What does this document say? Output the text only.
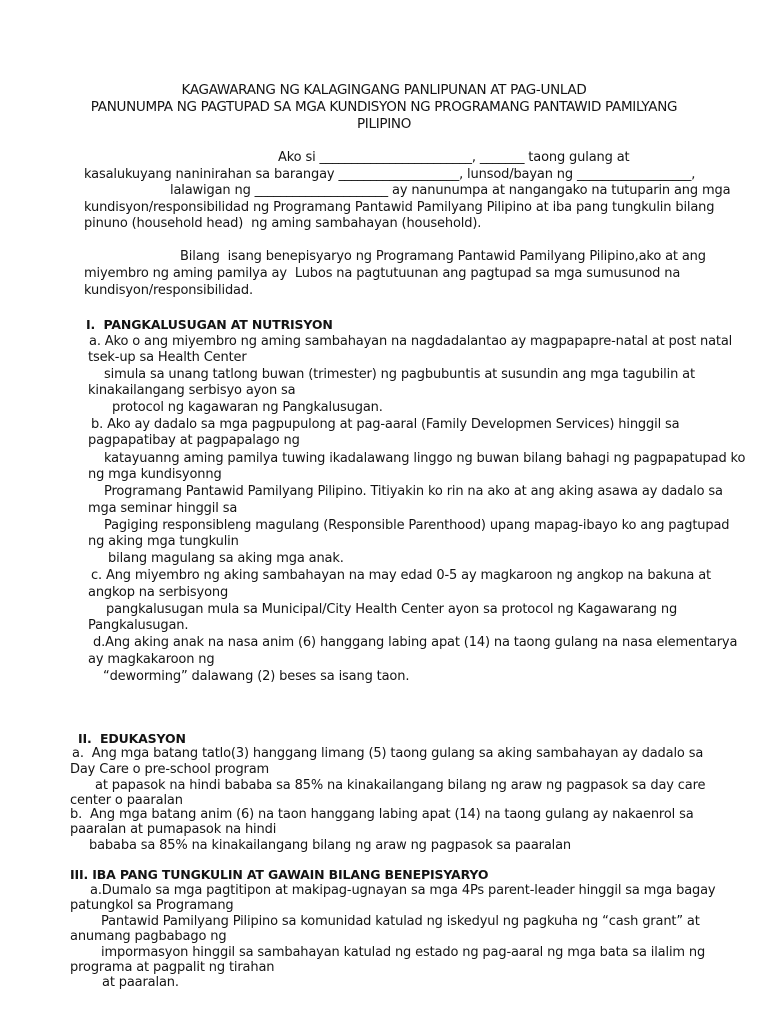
KAGAWARANG NG KALAGINGANG PANLIPUNAN AT PAG-UNLAD
PANUNUMPA NG PAGTUPAD SA MGA KUNDISYON NG PROGRAMANG PANTAWID PAMILYANG
PILIPINO
Ako si ________________________, _______ taong gulang at
kasalukuyang naninirahan sa barangay ___________________, lunsod/bayan ng __________________,
lalawigan ng _____________________ ay nanunumpa at nangangako na tutuparin ang mga
kundisyon/responsibilidad ng Programang Pantawid Pamilyang Pilipino at iba pang tungkulin bilang
pinuno (household head)  ng aming sambahayan (household).
Bilang  isang benepisyaryo ng Programang Pantawid Pamilyang Pilipino,ako at ang
miyembro ng aming pamilya ay  Lubos na pagtutuunan ang pagtupad sa mga sumusunod na
kundisyon/responsibilidad.
I.  PANGKALUSUGAN AT NUTRISYON
a. Ako o ang miyembro ng aming sambahayan na nagdadalantao ay magpapapre-natal at post natal
tsek-up sa Health Center
simula sa unang tatlong buwan (trimester) ng pagbubuntis at susundin ang mga tagubilin at
kinakailangang serbisyo ayon sa
protocol ng kagawaran ng Pangkalusugan.
b. Ako ay dadalo sa mga pagpupulong at pag-aaral (Family Developmen Services) hinggil sa
pagpapatibay at pagpapalago ng
katayuanng aming pamilya tuwing ikadalawang linggo ng buwan bilang bahagi ng pagpapatupad ko
ng mga kundisyonng
Programang Pantawid Pamilyang Pilipino. Titiyakin ko rin na ako at ang aking asawa ay dadalo sa
mga seminar hinggil sa
Pagiging responsibleng magulang (Responsible Parenthood) upang mapag-ibayo ko ang pagtupad
ng aking mga tungkulin
bilang magulang sa aking mga anak.
c. Ang miyembro ng aking sambahayan na may edad 0-5 ay magkaroon ng angkop na bakuna at
angkop na serbisyong
pangkalusugan mula sa Municipal/City Health Center ayon sa protocol ng Kagawarang ng
Pangkalusugan.
d.Ang aking anak na nasa anim (6) hanggang labing apat (14) na taong gulang na nasa elementarya
ay magkakaroon ng
“deworming” dalawang (2) beses sa isang taon.
II.  EDUKASYON
a.  Ang mga batang tatlo(3) hanggang limang (5) taong gulang sa aking sambahayan ay dadalo sa
Day Care o pre-school program
at papasok na hindi bababa sa 85% na kinakailangang bilang ng araw ng pagpasok sa day care
center o paaralan
b.  Ang mga batang anim (6) na taon hanggang labing apat (14) na taong gulang ay nakaenrol sa
paaralan at pumapasok na hindi
bababa sa 85% na kinakailangang bilang ng araw ng pagpasok sa paaralan
III. IBA PANG TUNGKULIN AT GAWAIN BILANG BENEPISYARYO
a.Dumalo sa mga pagtitipon at makipag-ugnayan sa mga 4Ps parent-leader hinggil sa mga bagay
patungkol sa Programang
Pantawid Pamilyang Pilipino sa komunidad katulad ng iskedyul ng pagkuha ng “cash grant” at
anumang pagbabago ng
impormasyon hinggil sa sambahayan katulad ng estado ng pag-aaral ng mga bata sa ilalim ng
programa at pagpalit ng tirahan
at paaralan.
